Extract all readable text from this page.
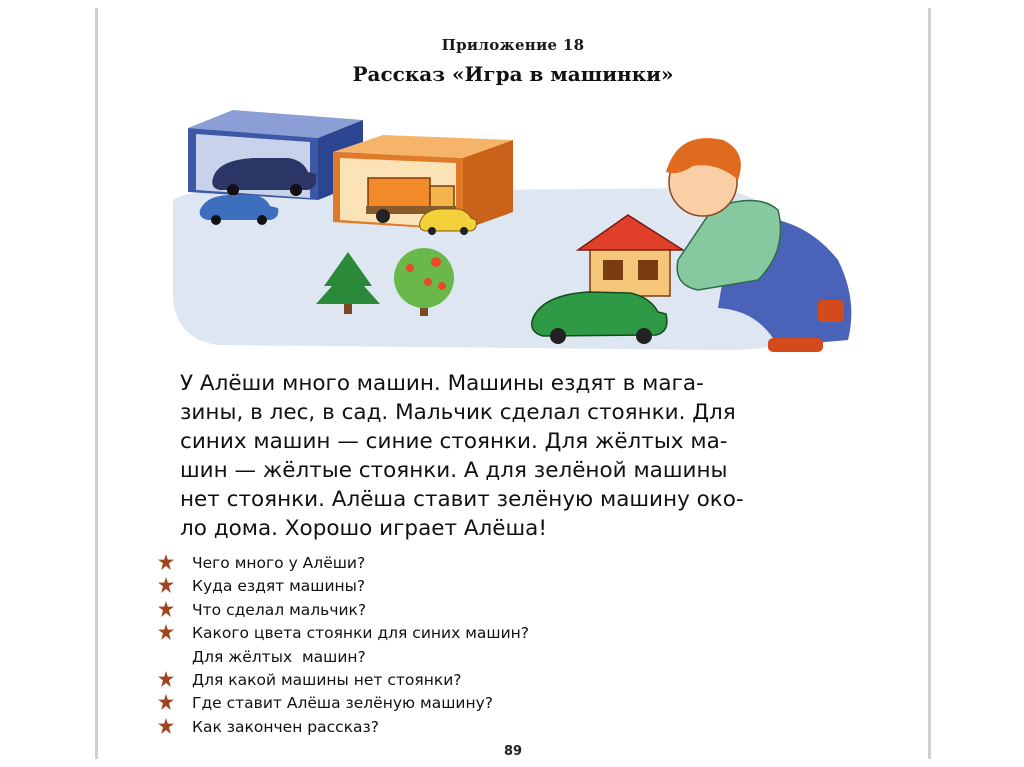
Приложение 18
Рассказ «Игра в машинки»
У Алёши много машин. Машины ездят в мага-
зины, в лес, в сад. Мальчик сделал стоянки. Для
синих машин — синие стоянки. Для жёлтых ма-
шин — жёлтые стоянки. А для зелёной машины
нет стоянки. Алёша ставит зелёную машину око-
ло дома. Хорошо играет Алёша!
Чего много у Алёши?
Куда ездят машины?
Что сделал мальчик?
Какого цвета стоянки для синих машин?
Для жёлтых  машин?
Для какой машины нет стоянки?
Где ставит Алёша зелёную машину?
Как закончен рассказ?
89
